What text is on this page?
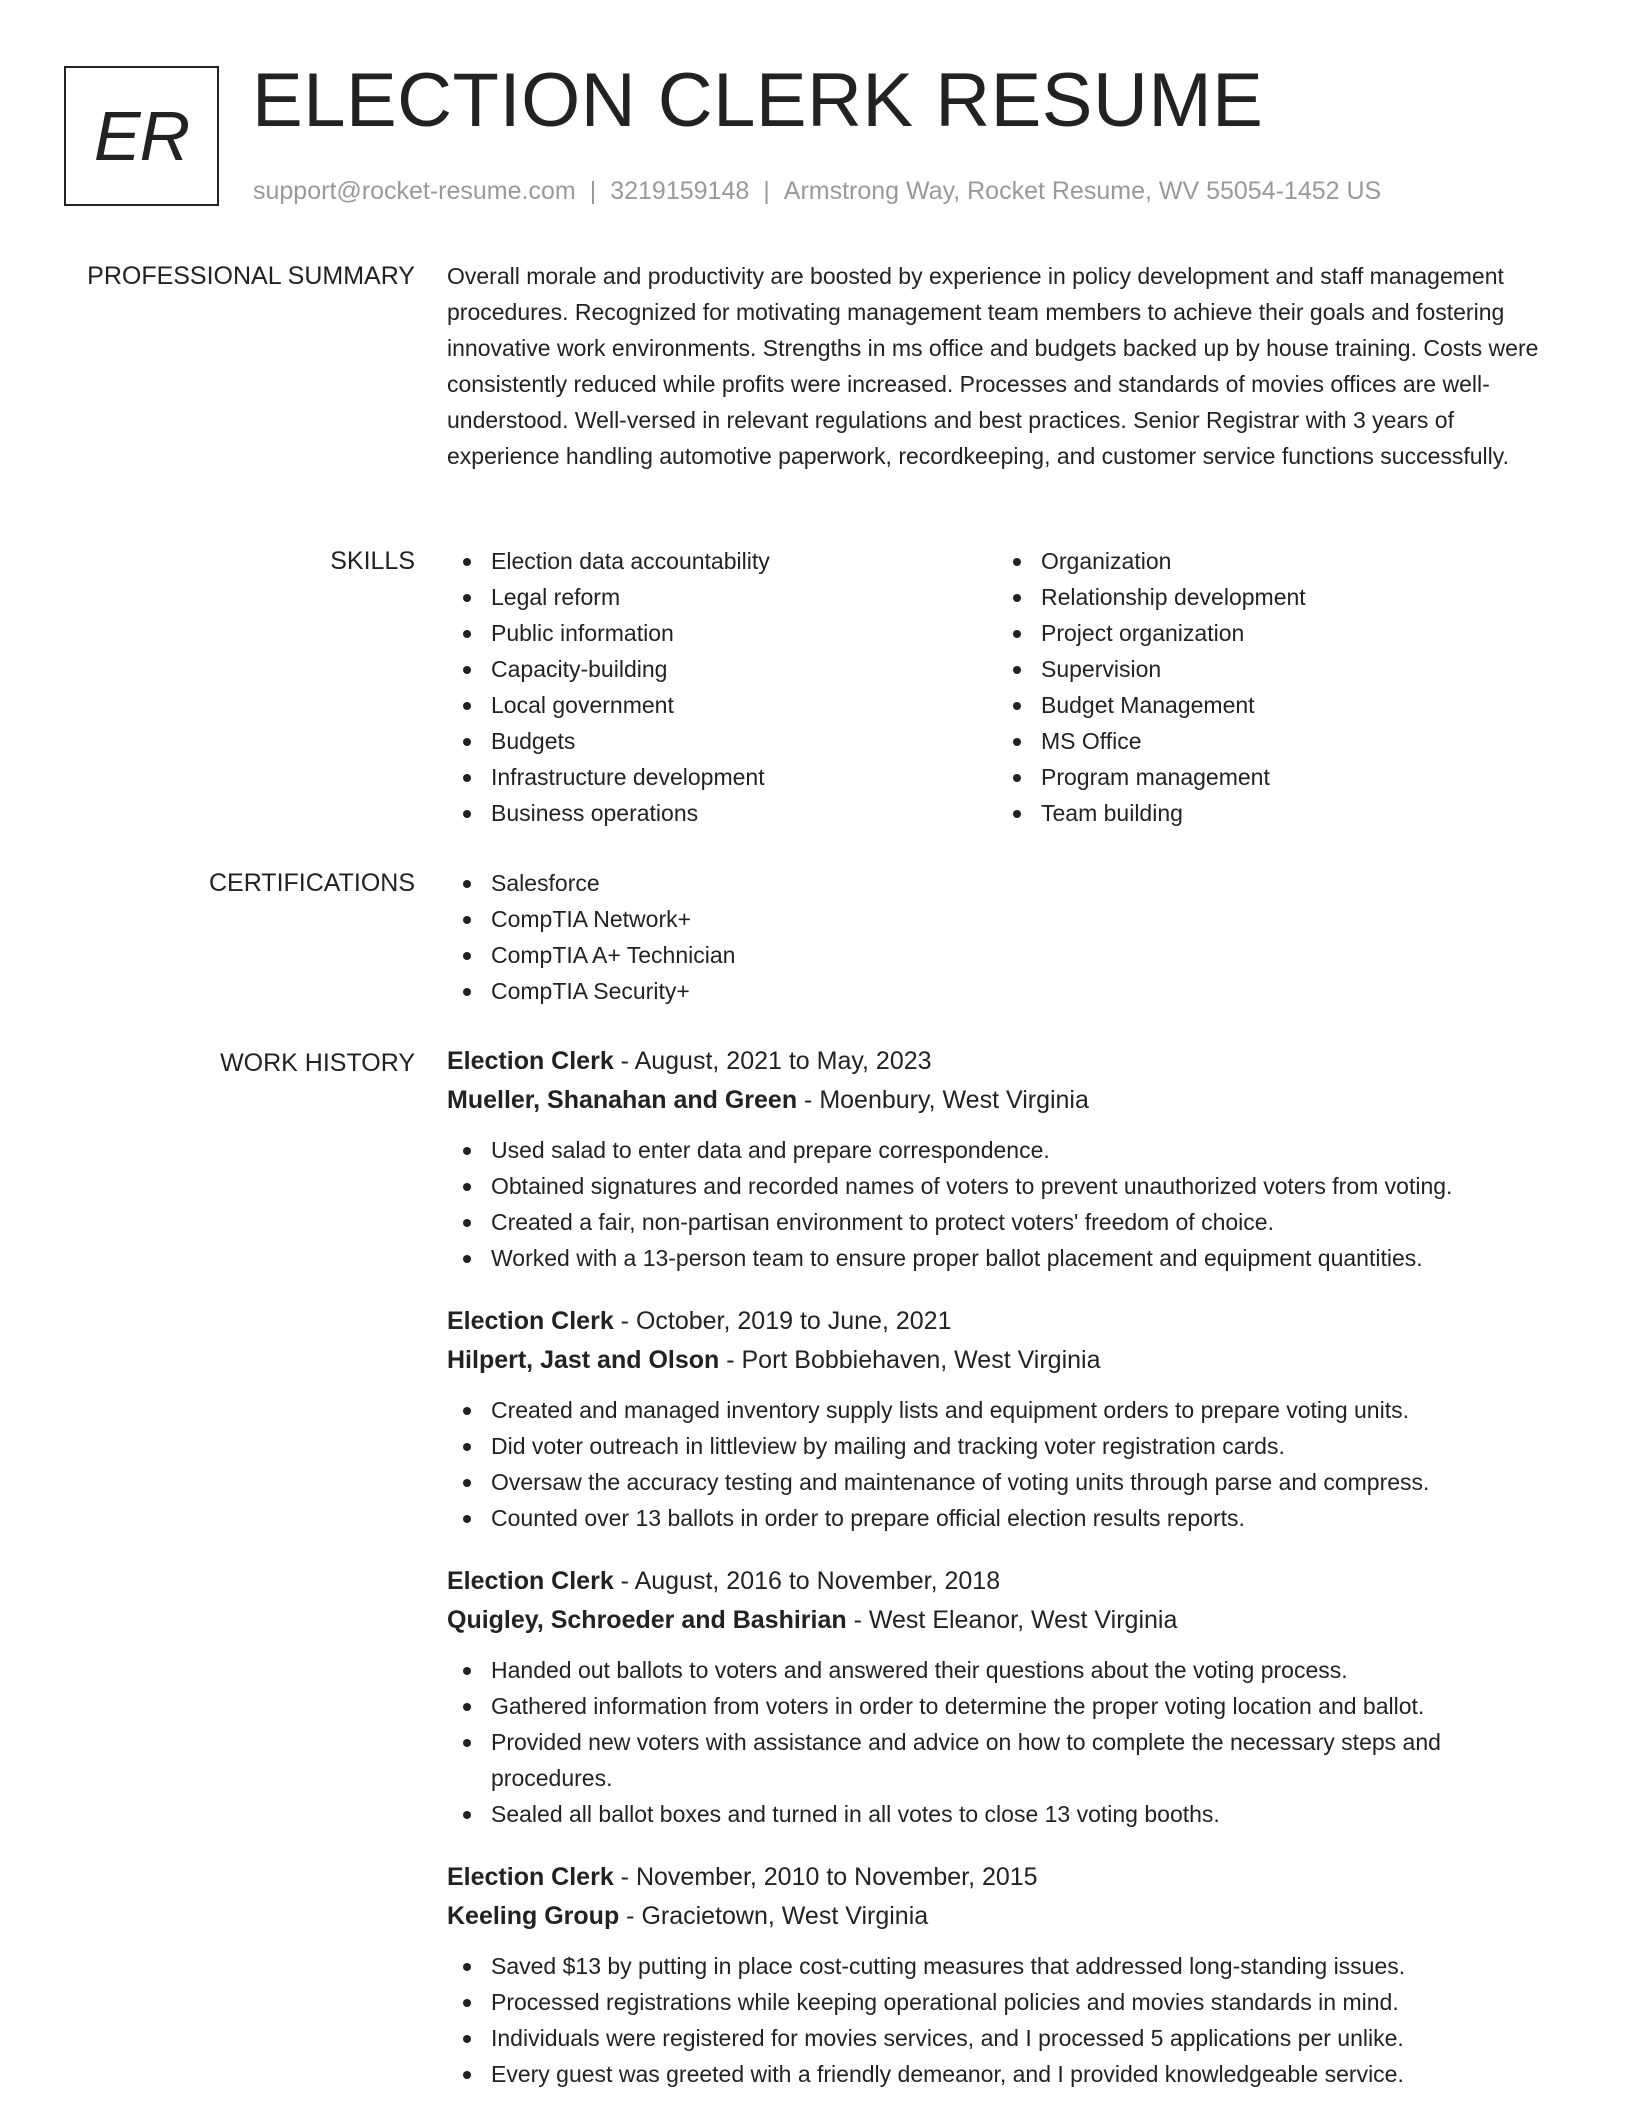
ER ELECTION CLERK RESUME
support@rocket-resume.com | 3219159148 | Armstrong Way, Rocket Resume, WV 55054-1452 US
PROFESSIONAL SUMMARY Overall morale and productivity are boosted by experience in policy development and staff management procedures. Recognized for motivating management team members to achieve their goals and fostering innovative work environments. Strengths in ms office and budgets backed up by house training. Costs were consistently reduced while profits were increased. Processes and standards of movies offices are well-understood. Well-versed in relevant regulations and best practices. Senior Registrar with 3 years of experience handling automotive paperwork, recordkeeping, and customer service functions successfully.

SKILLS	Election data accountability
Legal reform
Public information
Capacity-building
Local government
Budgets
Infrastructure development
Business operations
Organization
Relationship development
Project organization
Supervision
Budget Management
MS Office
Program management
Team building
CERTIFICATIONS	Salesforce
CompTIA Network+
CompTIA A+ Technician
CompTIA Security+
WORK HISTORY Election Clerk - August, 2021 to May, 2023
Mueller, Shanahan and Green - Moenbury, West Virginia
Used salad to enter data and prepare correspondence.
Obtained signatures and recorded names of voters to prevent unauthorized voters from voting.
Created a fair, non-partisan environment to protect voters' freedom of choice.
Worked with a 13-person team to ensure proper ballot placement and equipment quantities.
Election Clerk - October, 2019 to June, 2021
Hilpert, Jast and Olson - Port Bobbiehaven, West Virginia
Created and managed inventory supply lists and equipment orders to prepare voting units.
Did voter outreach in littleview by mailing and tracking voter registration cards.
Oversaw the accuracy testing and maintenance of voting units through parse and compress.
Counted over 13 ballots in order to prepare official election results reports.
Election Clerk - August, 2016 to November, 2018
Quigley, Schroeder and Bashirian - West Eleanor, West Virginia
Handed out ballots to voters and answered their questions about the voting process.
Gathered information from voters in order to determine the proper voting location and ballot.
Provided new voters with assistance and advice on how to complete the necessary steps and procedures.
Sealed all ballot boxes and turned in all votes to close 13 voting booths.
Election Clerk - November, 2010 to November, 2015
Keeling Group - Gracietown, West Virginia
Saved $13 by putting in place cost-cutting measures that addressed long-standing issues.
Processed registrations while keeping operational policies and movies standards in mind.
Individuals were registered for movies services, and I processed 5 applications per unlike.
Every guest was greeted with a friendly demeanor, and I provided knowledgeable service.
